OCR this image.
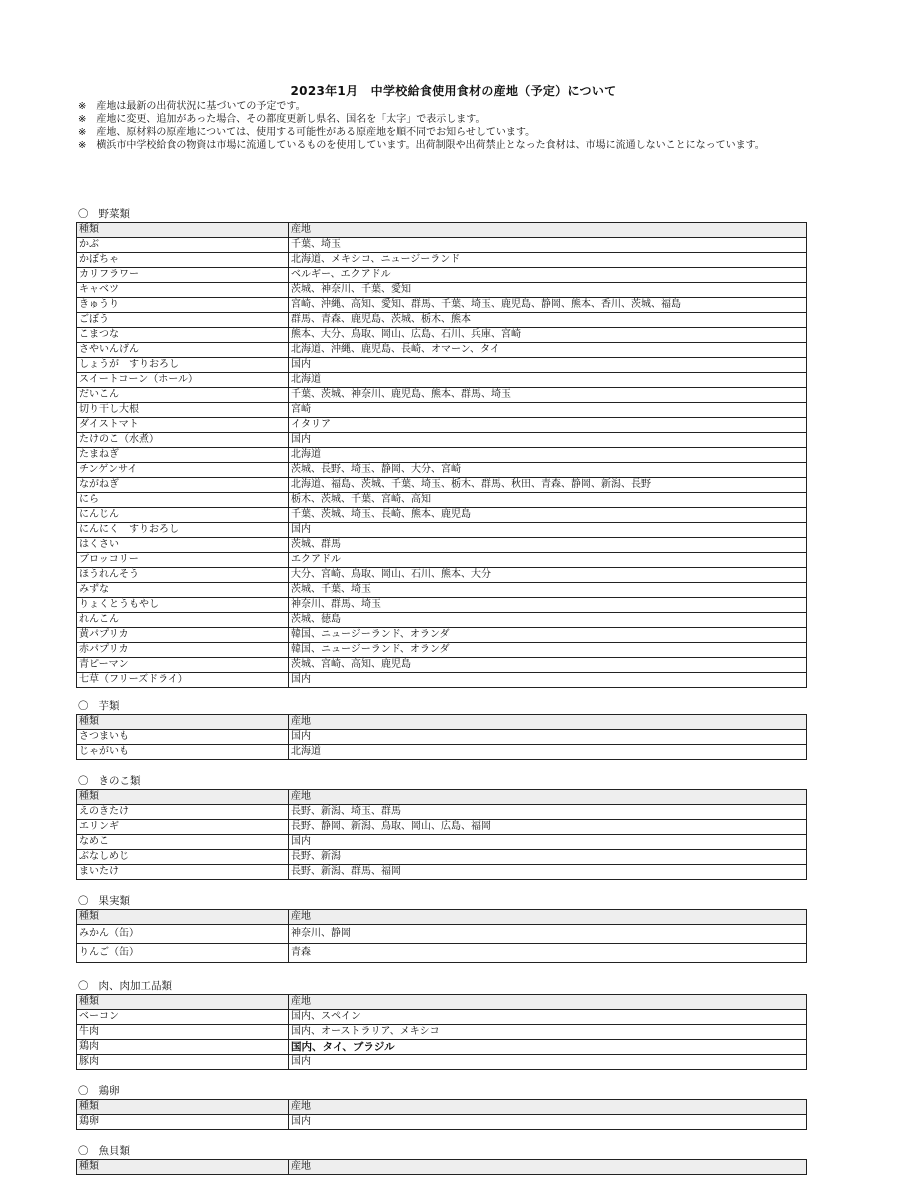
2023年1月　中学校給食使用食材の産地（予定）について
※　産地は最新の出荷状況に基づいての予定です。
※　産地に変更、追加があった場合、その都度更新し県名、国名を「太字」で表示します。
※　産地、原材料の原産地については、使用する可能性がある原産地を順不同でお知らせしています。
※　横浜市中学校給食の物資は市場に流通しているものを使用しています。出荷制限や出荷禁止となった食材は、市場に流通しないことになっています。
〇 野菜類
種類	産地
かぶ	千葉、埼玉
かぼちゃ	北海道、メキシコ、ニュージーランド
カリフラワー	ベルギー、エクアドル
キャベツ	茨城、神奈川、千葉、愛知
きゅうり	宮崎、沖縄、高知、愛知、群馬、千葉、埼玉、鹿児島、静岡、熊本、香川、茨城、福島
ごぼう	群馬、青森、鹿児島、茨城、栃木、熊本
こまつな	熊本、大分、鳥取、岡山、広島、石川、兵庫、宮崎
さやいんげん	北海道、沖縄、鹿児島、長崎、オマーン、タイ
しょうが　すりおろし	国内
スイートコーン（ホール）	北海道
だいこん	千葉、茨城、神奈川、鹿児島、熊本、群馬、埼玉
切り干し大根	宮崎
ダイストマト	イタリア
たけのこ（水煮）	国内
たまねぎ	北海道
チンゲンサイ	茨城、長野、埼玉、静岡、大分、宮崎
ながねぎ	北海道、福島、茨城、千葉、埼玉、栃木、群馬、秋田、青森、静岡、新潟、長野
にら	栃木、茨城、千葉、宮崎、高知
にんじん	千葉、茨城、埼玉、長崎、熊本、鹿児島
にんにく　すりおろし	国内
はくさい	茨城、群馬
ブロッコリー	エクアドル
ほうれんそう	大分、宮崎、鳥取、岡山、石川、熊本、大分
みずな	茨城、千葉、埼玉
りょくとうもやし	神奈川、群馬、埼玉
れんこん	茨城、徳島
黄パプリカ	韓国、ニュージーランド、オランダ
赤パプリカ	韓国、ニュージーランド、オランダ
青ピーマン	茨城、宮崎、高知、鹿児島
七草（フリーズドライ）	国内
〇 芋類
種類	産地
さつまいも	国内
じゃがいも	北海道
〇 きのこ類
種類	産地
えのきたけ	長野、新潟、埼玉、群馬
エリンギ	長野、静岡、新潟、鳥取、岡山、広島、福岡
なめこ	国内
ぶなしめじ	長野、新潟
まいたけ	長野、新潟、群馬、福岡
〇 果実類
種類	産地
みかん（缶）	神奈川、静岡
りんご（缶）	青森
〇 肉、肉加工品類
種類	産地
ベーコン	国内、スペイン
牛肉	国内、オーストラリア、メキシコ
鶏肉	国内、タイ、ブラジル
豚肉	国内
〇 鶏卵
種類	産地
鶏卵	国内
〇 魚貝類
種類	産地
